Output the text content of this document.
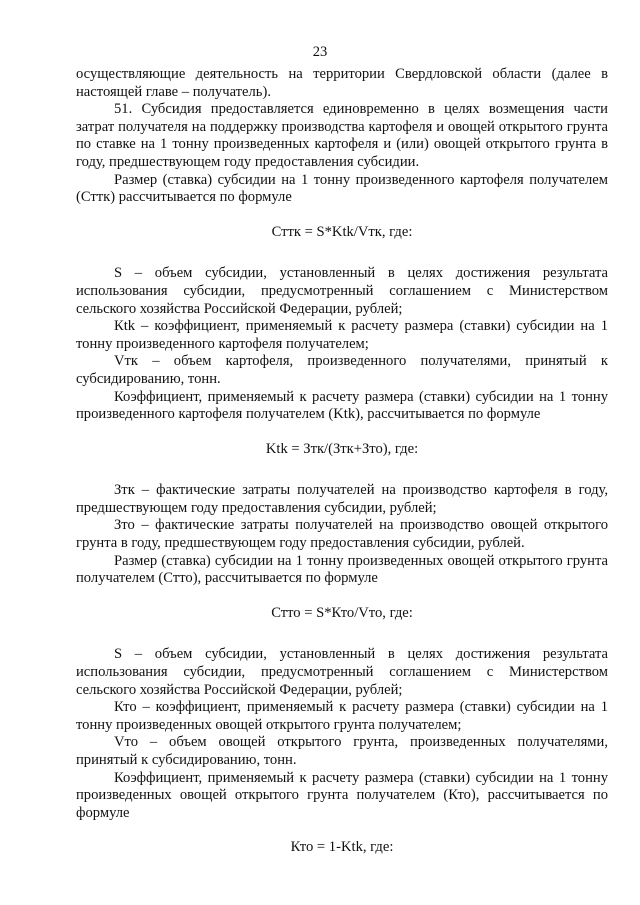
23

осуществляющие деятельность на территории Свердловской области (далее в настоящей главе – получатель).

51. Субсидия предоставляется единовременно в целях возмещения части затрат получателя на поддержку производства картофеля и овощей открытого грунта по ставке на 1 тонну произведенных картофеля и (или) овощей открытого грунта в году, предшествующем году предоставления субсидии.

Размер (ставка) субсидии на 1 тонну произведенного картофеля получателем (Сттк) рассчитывается по формуле

Сттк = S*Ktk/Vтк, где:

S – объем субсидии, установленный в целях достижения результата использования субсидии, предусмотренный соглашением с Министерством сельского хозяйства Российской Федерации, рублей;

Кtk – коэффициент, применяемый к расчету размера (ставки) субсидии на 1 тонну произведенного картофеля получателем;

Vтк – объем картофеля, произведенного получателями, принятый к субсидированию, тонн.

Коэффициент, применяемый к расчету размера (ставки) субсидии на 1 тонну произведенного картофеля получателем (Ktk), рассчитывается по формуле

Ktk = Зтк/(Зтк+Зто), где:

Зтк – фактические затраты получателей на производство картофеля в году, предшествующем году предоставления субсидии, рублей;

Зто – фактические затраты получателей на производство овощей открытого грунта в году, предшествующем году предоставления субсидии, рублей.

Размер (ставка) субсидии на 1 тонну произведенных овощей открытого грунта получателем (Стто), рассчитывается по формуле

Стто = S*Кто/Vто, где:

S – объем субсидии, установленный в целях достижения результата использования субсидии, предусмотренный соглашением с Министерством сельского хозяйства Российской Федерации, рублей;

Кто – коэффициент, применяемый к расчету размера (ставки) субсидии на 1 тонну произведенных овощей открытого грунта получателем;

Vто – объем овощей открытого грунта, произведенных получателями, принятый к субсидированию, тонн.

Коэффициент, применяемый к расчету размера (ставки) субсидии на 1 тонну произведенных овощей открытого грунта получателем (Кто), рассчитывается по формуле

Кто = 1-Ktk, где:
